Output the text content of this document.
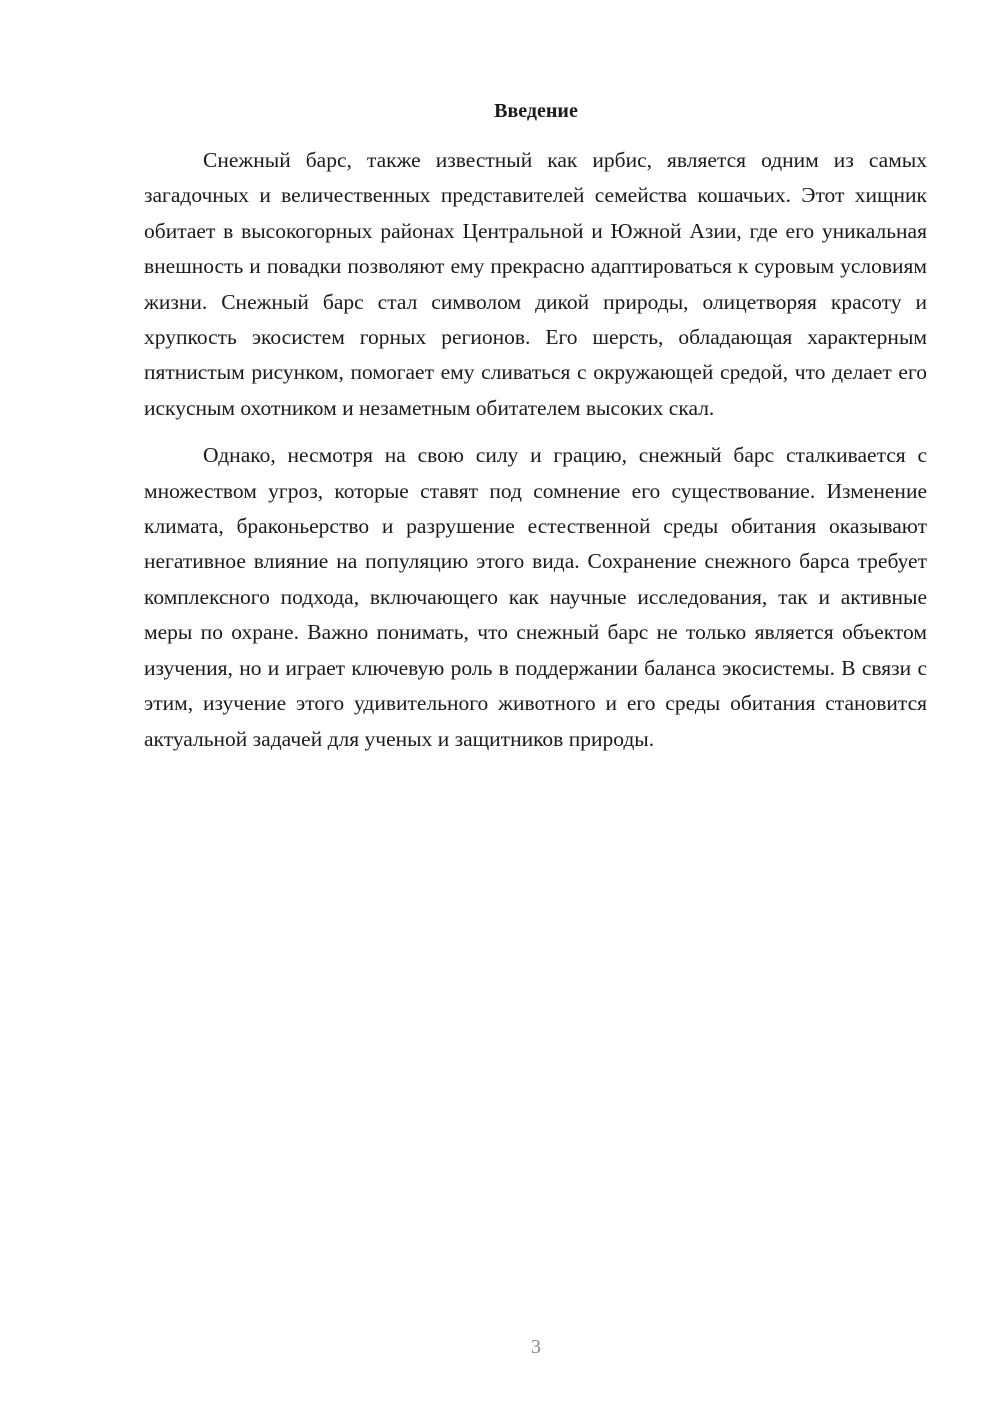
Введение

Снежный барс, также известный как ирбис, является одним из самых загадочных и величественных представителей семейства кошачьих. Этот хищник обитает в высокогорных районах Центральной и Южной Азии, где его уникальная внешность и повадки позволяют ему прекрасно адаптироваться к суровым условиям жизни. Снежный барс стал символом дикой природы, олицетворяя красоту и хрупкость экосистем горных регионов. Его шерсть, обладающая характерным пятнистым рисунком, помогает ему сливаться с окружающей средой, что делает его искусным охотником и незаметным обитателем высоких скал.

Однако, несмотря на свою силу и грацию, снежный барс сталкивается с множеством угроз, которые ставят под сомнение его существование. Изменение климата, браконьерство и разрушение естественной среды обитания оказывают негативное влияние на популяцию этого вида. Сохранение снежного барса требует комплексного подхода, включающего как научные исследования, так и активные меры по охране. Важно понимать, что снежный барс не только является объектом изучения, но и играет ключевую роль в поддержании баланса экосистемы. В связи с этим, изучение этого удивительного животного и его среды обитания становится актуальной задачей для ученых и защитников природы.

3
